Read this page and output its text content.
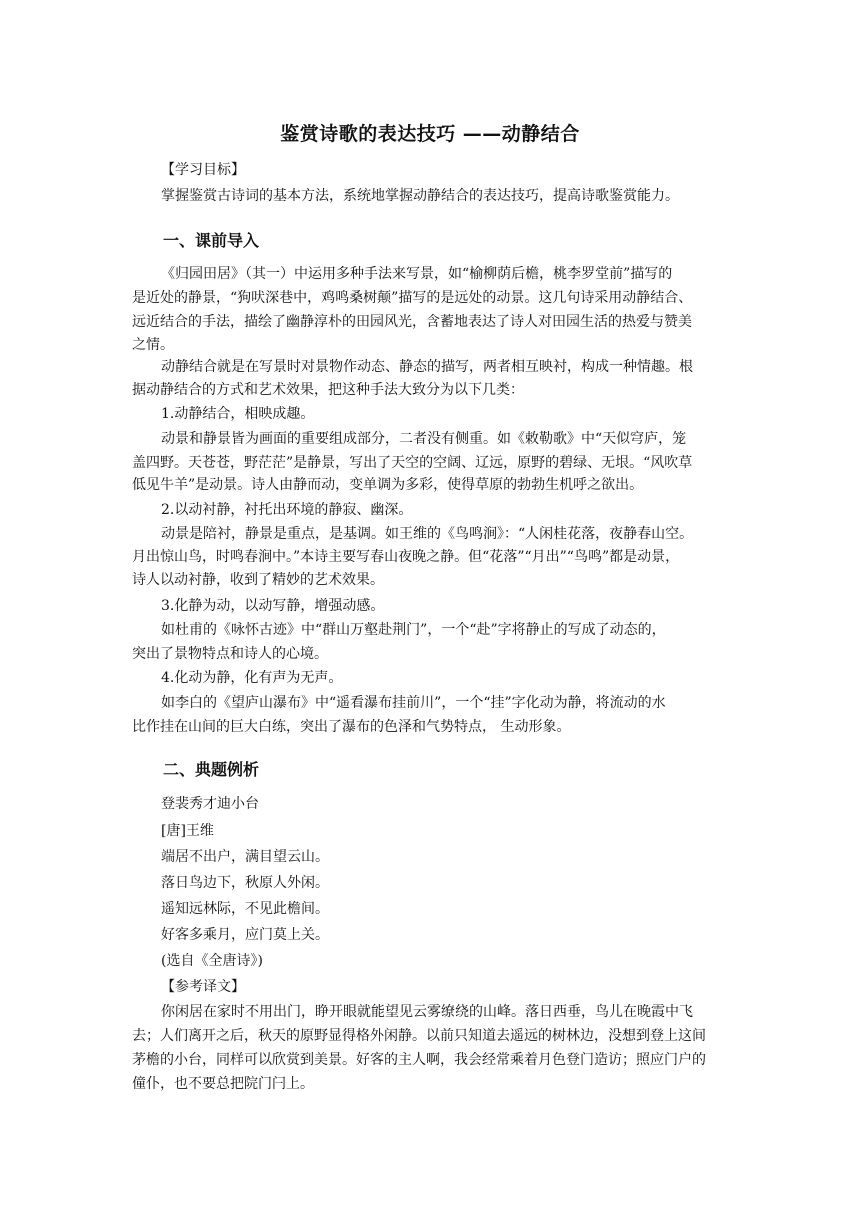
鉴赏诗歌的表达技巧 ——动静结合
【学习目标】
掌握鉴赏古诗词的基本方法，系统地掌握动静结合的表达技巧，提高诗歌鉴赏能力。
一、课前导入
《归园田居》（其一）中运用多种手法来写景，如“榆柳荫后檐，桃李罗堂前”描写的
是近处的静景，“狗吠深巷中，鸡鸣桑树颠”描写的是远处的动景。这几句诗采用动静结合、
远近结合的手法，描绘了幽静淳朴的田园风光，含蓄地表达了诗人对田园生活的热爱与赞美
之情。
动静结合就是在写景时对景物作动态、静态的描写，两者相互映衬，构成一种情趣。根
据动静结合的方式和艺术效果，把这种手法大致分为以下几类：
1.动静结合，相映成趣。
动景和静景皆为画面的重要组成部分，二者没有侧重。如《敕勒歌》中“天似穹庐，笼
盖四野。天苍苍，野茫茫”是静景，写出了天空的空阔、辽远，原野的碧绿、无垠。“风吹草
低见牛羊”是动景。诗人由静而动，变单调为多彩，使得草原的勃勃生机呼之欲出。
2.以动衬静，衬托出环境的静寂、幽深。
动景是陪衬，静景是重点，是基调。如王维的《鸟鸣涧》：“人闲桂花落，夜静春山空。
月出惊山鸟，时鸣春涧中。”本诗主要写春山夜晚之静。但“花落”“月出”“鸟鸣”都是动景，
诗人以动衬静，收到了精妙的艺术效果。
3.化静为动，以动写静，增强动感。
如杜甫的《咏怀古迹》中“群山万壑赴荆门”，一个“赴”字将静止的写成了动态的，
突出了景物特点和诗人的心境。
4.化动为静，化有声为无声。
如李白的《望庐山瀑布》中“遥看瀑布挂前川”，一个“挂”字化动为静，将流动的水
比作挂在山间的巨大白练，突出了瀑布的色泽和气势特点， 生动形象。
二、典题例析
登裴秀才迪小台
[唐]王维
端居不出户，满目望云山。
落日鸟边下，秋原人外闲。
遥知远林际，不见此檐间。
好客多乘月，应门莫上关。
(选自《全唐诗》)
【参考译文】
你闲居在家时不用出门，睁开眼就能望见云雾缭绕的山峰。落日西垂，鸟儿在晚霞中飞
去；人们离开之后，秋天的原野显得格外闲静。以前只知道去遥远的树林边，没想到登上这间
茅檐的小台，同样可以欣赏到美景。好客的主人啊，我会经常乘着月色登门造访；照应门户的
僮仆，也不要总把院门闩上。
